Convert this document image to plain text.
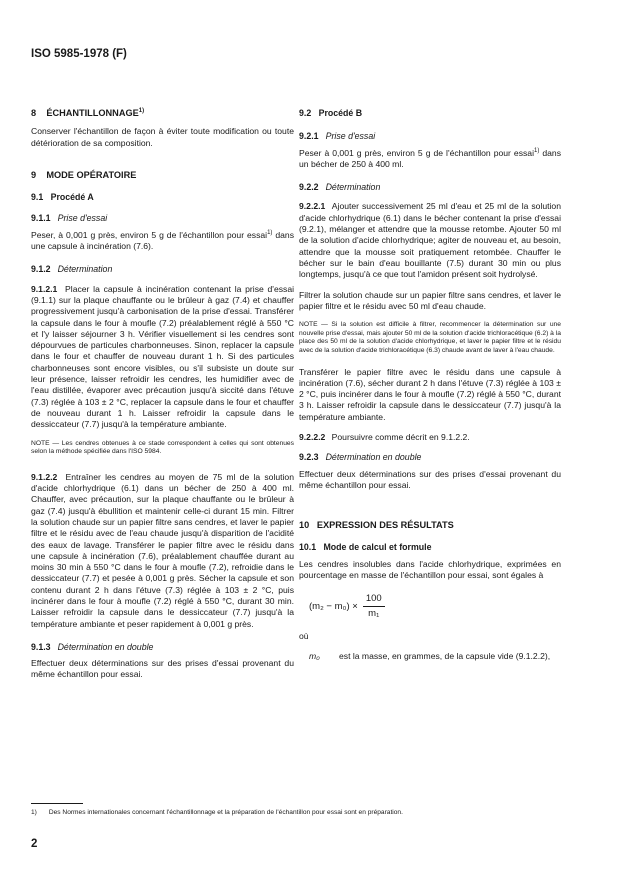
ISO 5985-1978 (F)
8 ÉCHANTILLONNAGE$^{1)}$
Conserver l'échantillon de façon à éviter toute modification ou toute détérioration de sa composition.
9 MODE OPÉRATOIRE
9.1 Procédé A
9.1.1 Prise d'essai
Peser, à 0,001 g près, environ 5 g de l'échantillon pour essai$^{1)}$ dans une capsule à incinération (7.6).
9.1.2 Détermination
9.1.2.1 Placer la capsule à incinération contenant la prise d'essai (9.1.1) sur la plaque chauffante ou le brûleur à gaz (7.4) et chauffer progressivement jusqu'à carbonisation de la prise d'essai. Transférer la capsule dans le four à moufle (7.2) préalablement réglé à 550 °C et l'y laisser séjourner 3 h. Vérifier visuellement si les cendres sont dépourvues de particules charbonneuses. Sinon, replacer la capsule dans le four et chauffer de nouveau durant 1 h. Si des particules charbonneuses sont encore visibles, ou s'il subsiste un doute sur leur présence, laisser refroidir les cendres, les humidifier avec de l'eau distillée, évaporer avec précaution jusqu'à siccité dans l'étuve (7.3) réglée à 103 ± 2 °C, replacer la capsule dans le four et chauffer de nouveau durant 1 h. Laisser refroidir la capsule dans le dessiccateur (7.7) jusqu'à la température ambiante.
NOTE — Les cendres obtenues à ce stade correspondent à celles qui sont obtenues selon la méthode spécifiée dans l'ISO 5984.
9.1.2.2 Entraîner les cendres au moyen de 75 ml de la solution d'acide chlorhydrique (6.1) dans un bécher de 250 à 400 ml. Chauffer, avec précaution, sur la plaque chauffante ou le brûleur à gaz (7.4) jusqu'à ébullition et maintenir celle-ci durant 15 min. Filtrer la solution chaude sur un papier filtre sans cendres, et laver le papier filtre et le résidu avec de l'eau chaude jusqu'à disparition de l'acidité des eaux de lavage. Transférer le papier filtre avec le résidu dans une capsule à incinération (7.6), préalablement chauffée durant au moins 30 min à 550 °C dans le four à moufle (7.2), refroidie dans le dessiccateur (7.7) et pesée à 0,001 g près. Sécher la capsule et son contenu durant 2 h dans l'étuve (7.3) réglée à 103 ± 2 °C, puis incinérer dans le four à moufle (7.2) réglé à 550 °C, durant 30 min. Laisser refroidir la capsule dans le dessiccateur (7.7) jusqu'à la température ambiante et peser rapidement à 0,001 g près.
9.1.3 Détermination en double
Effectuer deux déterminations sur des prises d'essai provenant du même échantillon pour essai.
9.2 Procédé B
9.2.1 Prise d'essai
Peser à 0,001 g près, environ 5 g de l'échantillon pour essai$^{1)}$ dans un bécher de 250 à 400 ml.
9.2.2 Détermination
9.2.2.1 Ajouter successivement 25 ml d'eau et 25 ml de la solution d'acide chlorhydrique (6.1) dans le bécher contenant la prise d'essai (9.2.1), mélanger et attendre que la mousse retombe. Ajouter 50 ml de la solution d'acide chlorhydrique; agiter de nouveau et, au besoin, attendre que la mousse soit pratiquement retombée. Chauffer le bécher sur le bain d'eau bouillante (7.5) durant 30 min ou plus longtemps, jusqu'à ce que tout l'amidon présent soit hydrolysé.
Filtrer la solution chaude sur un papier filtre sans cendres, et laver le papier filtre et le résidu avec 50 ml d'eau chaude.
NOTE — Si la solution est difficile à filtrer, recommencer la détermination sur une nouvelle prise d'essai, mais ajouter 50 ml de la solution d'acide trichloracétique (6.2) à la place des 50 ml de la solution d'acide chlorhydrique, et laver le papier filtre et le résidu avec de la solution d'acide trichloracétique (6.3) chaude avant de laver à l'eau chaude.
Transférer le papier filtre avec le résidu dans une capsule à incinération (7.6), sécher durant 2 h dans l'étuve (7.3) réglée à 103 ± 2 °C, puis incinérer dans le four à moufle (7.2) réglé à 550 °C, durant 3 h. Laisser refroidir la capsule dans le dessiccateur (7.7) jusqu'à la température ambiante.
9.2.2.2 Poursuivre comme décrit en 9.1.2.2.
9.2.3 Détermination en double
Effectuer deux déterminations sur des prises d'essai provenant du même échantillon pour essai.
10 EXPRESSION DES RÉSULTATS
10.1 Mode de calcul et formule
Les cendres insolubles dans l'acide chlorhydrique, exprimées en pourcentage en masse de l'échantillon pour essai, sont égales à
$(m_2 - m_0) \times \frac{100}{\text{m₁}}$
où
m₀	est la masse, en grammes, de la capsule vide (9.1.2.2),
1) Des Normes internationales concernant l'échantillonnage et la préparation de l'échantillon pour essai sont en préparation.
2
